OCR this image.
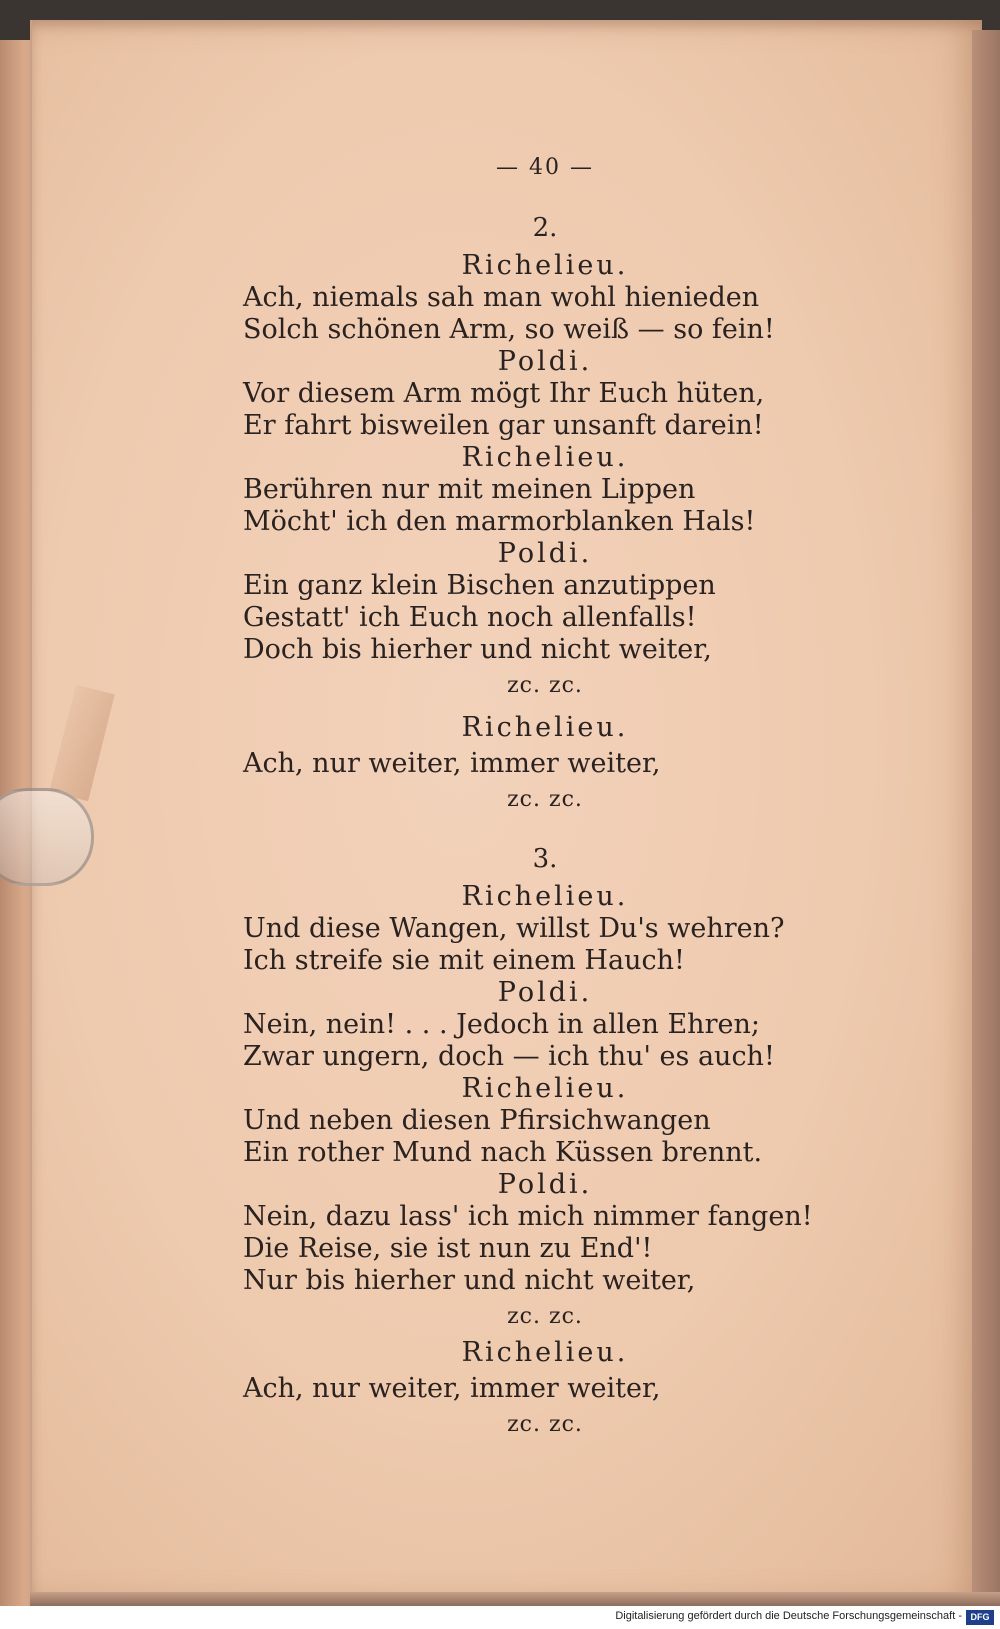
— 40 —
2.
Richelieu.
Ach, niemals sah man wohl hienieden
Solch schönen Arm, so weiß — so fein!
Poldi.
Vor diesem Arm mögt Ihr Euch hüten,
Er fahrt bisweilen gar unsanft darein!
Richelieu.
Berühren nur mit meinen Lippen
Möcht' ich den marmorblanken Hals!
Poldi.
Ein ganz klein Bischen anzutippen
Gestatt' ich Euch noch allenfalls!
Doch bis hierher und nicht weiter,
zc. zc.
Richelieu.
Ach, nur weiter, immer weiter,
zc. zc.
3.
Richelieu.
Und diese Wangen, willst Du's wehren?
Ich streife sie mit einem Hauch!
Poldi.
Nein, nein! . . . Jedoch in allen Ehren;
Zwar ungern, doch — ich thu' es auch!
Richelieu.
Und neben diesen Pfirsichwangen
Ein rother Mund nach Küssen brennt.
Poldi.
Nein, dazu lass' ich mich nimmer fangen!
Die Reise, sie ist nun zu End'!
Nur bis hierher und nicht weiter,
zc. zc.
Richelieu.
Ach, nur weiter, immer weiter,
zc. zc.
Digitalisierung gefördert durch die Deutsche Forschungsgemeinschaft - DFG
